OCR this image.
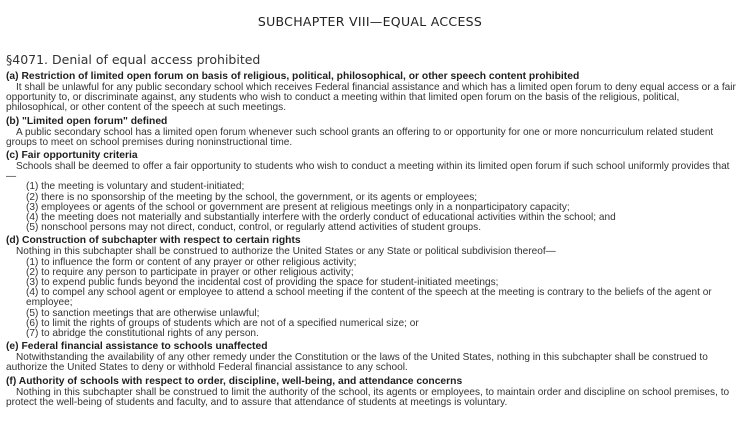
SUBCHAPTER VIII—EQUAL ACCESS
§4071. Denial of equal access prohibited
(a) Restriction of limited open forum on basis of religious, political, philosophical, or other speech content prohibited

It shall be unlawful for any public secondary school which receives Federal financial assistance and which has a limited open forum to deny equal access or a fair opportunity to, or discriminate against, any students who wish to conduct a meeting within that limited open forum on the basis of the religious, political, philosophical, or other content of the speech at such meetings.

(b) "Limited open forum" defined

A public secondary school has a limited open forum whenever such school grants an offering to or opportunity for one or more noncurriculum related student groups to meet on school premises during noninstructional time.

(c) Fair opportunity criteria

Schools shall be deemed to offer a fair opportunity to students who wish to conduct a meeting within its limited open forum if such school uniformly provides that—

(1) the meeting is voluntary and student-initiated;
(2) there is no sponsorship of the meeting by the school, the government, or its agents or employees;
(3) employees or agents of the school or government are present at religious meetings only in a nonparticipatory capacity;
(4) the meeting does not materially and substantially interfere with the orderly conduct of educational activities within the school; and
(5) nonschool persons may not direct, conduct, control, or regularly attend activities of student groups.
(d) Construction of subchapter with respect to certain rights

Nothing in this subchapter shall be construed to authorize the United States or any State or political subdivision thereof—

(1) to influence the form or content of any prayer or other religious activity;
(2) to require any person to participate in prayer or other religious activity;
(3) to expend public funds beyond the incidental cost of providing the space for student-initiated meetings;
(4) to compel any school agent or employee to attend a school meeting if the content of the speech at the meeting is contrary to the beliefs of the agent or employee;
(5) to sanction meetings that are otherwise unlawful;
(6) to limit the rights of groups of students which are not of a specified numerical size; or
(7) to abridge the constitutional rights of any person.
(e) Federal financial assistance to schools unaffected

Notwithstanding the availability of any other remedy under the Constitution or the laws of the United States, nothing in this subchapter shall be construed to authorize the United States to deny or withhold Federal financial assistance to any school.

(f) Authority of schools with respect to order, discipline, well-being, and attendance concerns

Nothing in this subchapter shall be construed to limit the authority of the school, its agents or employees, to maintain order and discipline on school premises, to protect the well-being of students and faculty, and to assure that attendance of students at meetings is voluntary.
